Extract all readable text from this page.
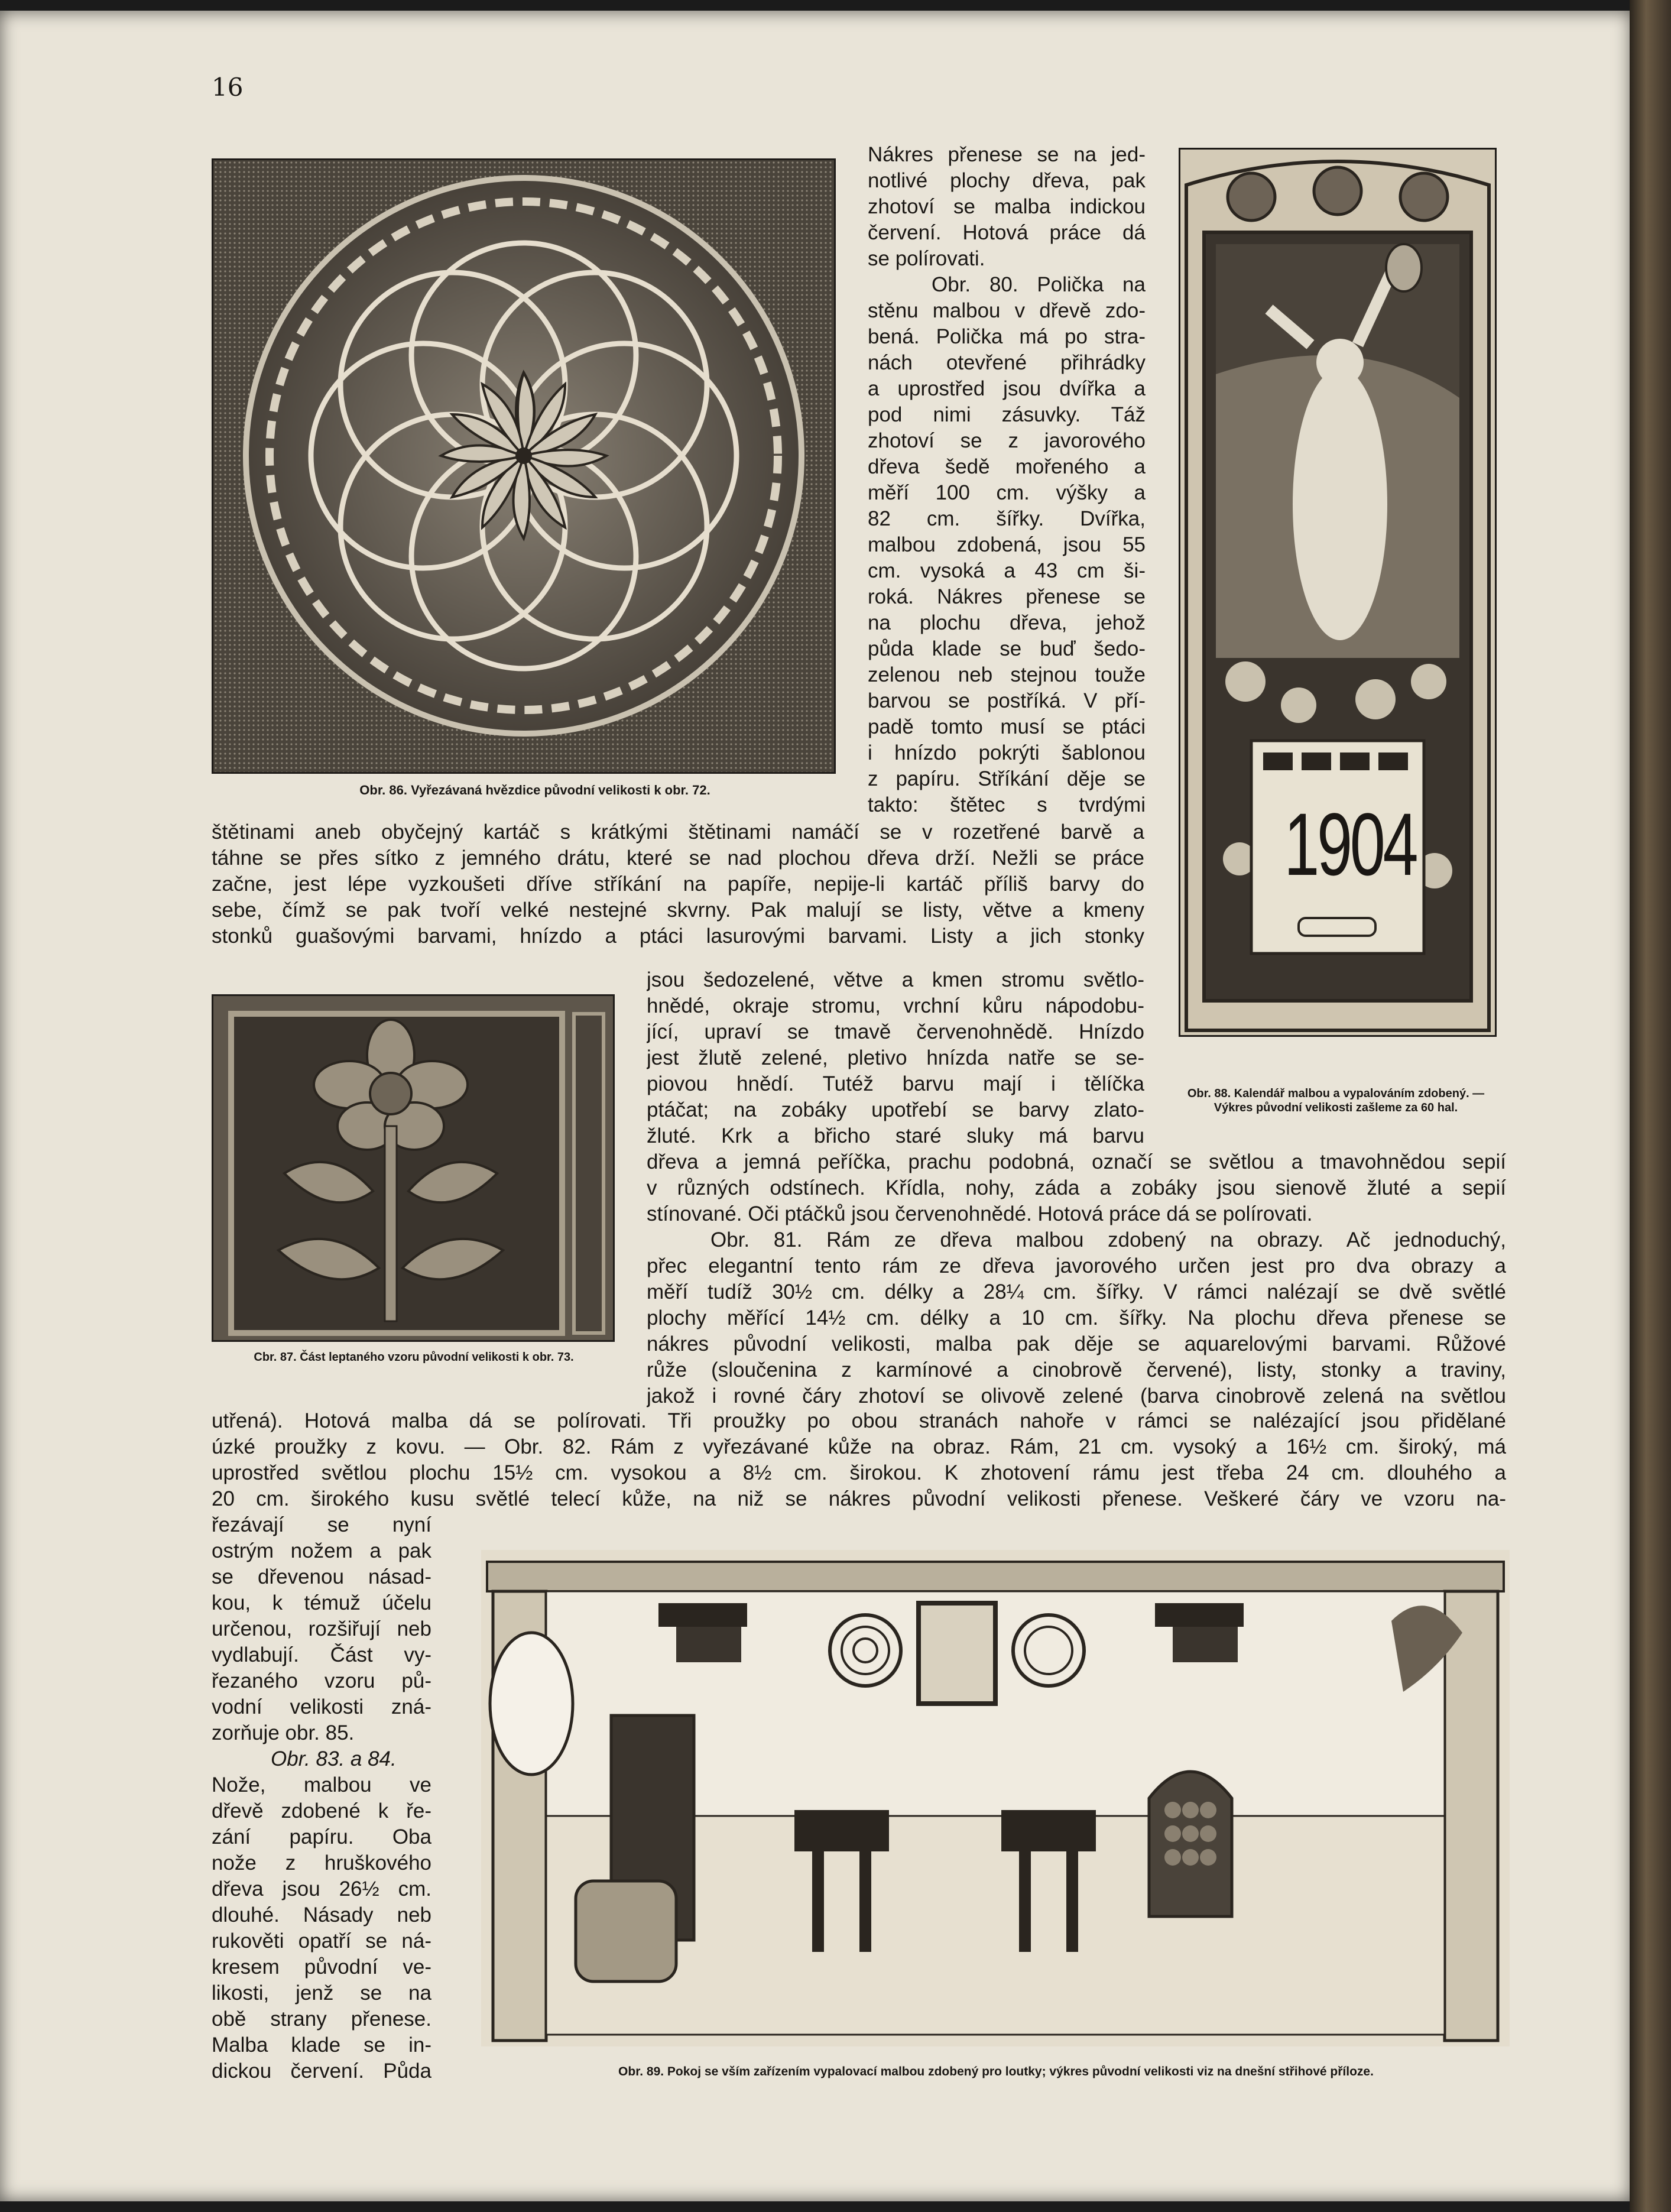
16
Obr. 86. Vyřezávaná hvězdice původní velikosti k obr. 72.
Nákres přenese se na jed-
notlivé plochy dřeva, pak
zhotoví se malba indickou
červení. Hotová práce dá
se polírovati.
Obr. 80. Polička na
stěnu malbou v dřevě zdo-
bená. Polička má po stra-
nách otevřené přihrádky
a uprostřed jsou dvířka a
pod nimi zásuvky. Táž
zhotoví se z javorového
dřeva šedě mořeného a
měří 100 cm. výšky a
82 cm. šířky. Dvířka,
malbou zdobená, jsou 55
cm. vysoká a 43 cm ši-
roká. Nákres přenese se
na plochu dřeva, jehož
půda klade se buď šedo-
zelenou neb stejnou touže
barvou se postříká. V pří-
padě tomto musí se ptáci
i hnízdo pokrýti šablonou
z papíru. Stříkání děje se
takto: štětec s tvrdými 1904
Obr. 88. Kalendář malbou a vypalováním zdobený. — Výkres původní velikosti zašleme za 60 hal.
štětinami aneb obyčejný kartáč s krátkými štětinami namáčí se v rozetřené barvě a
táhne se přes sítko z jemného drátu, které se nad plochou dřeva drží. Nežli se práce
začne, jest lépe vyzkoušeti dříve stříkání na papíře, nepije-li kartáč příliš barvy do
sebe, čímž se pak tvoří velké nestejné skvrny. Pak malují se listy, větve a kmeny
stonků guašovými barvami, hnízdo a ptáci lasurovými barvami. Listy a jich stonky
Cbr. 87. Část leptaného vzoru původní velikosti k obr. 73.
jsou šedozelené, větve a kmen stromu světlo-
hnědé, okraje stromu, vrchní kůru nápodobu-
jící, upraví se tmavě červenohnědě. Hnízdo
jest žlutě zelené, pletivo hnízda natře se se-
piovou hnědí. Tutéž barvu mají i tělíčka
ptáčat; na zobáky upotřebí se barvy zlato-
žluté. Krk a břicho staré sluky má barvu
dřeva a jemná peříčka, prachu podobná, označí se světlou a tmavohnědou sepií
v různých odstínech. Křídla, nohy, záda a zobáky jsou sienově žluté a sepií
stínované. Oči ptáčků jsou červenohnědé. Hotová práce dá se polírovati.
Obr. 81. Rám ze dřeva malbou zdobený na obrazy. Ač jednoduchý,
přec elegantní tento rám ze dřeva javorového určen jest pro dva obrazy a
měří tudíž 30½ cm. délky a 28¼ cm. šířky. V rámci nalézají se dvě světlé
plochy měřící 14½ cm. délky a 10 cm. šířky. Na plochu dřeva přenese se
nákres původní velikosti, malba pak děje se aquarelovými barvami. Růžové
růže (sloučenina z karmínové a cinobrově červené), listy, stonky a traviny,
jakož i rovné čáry zhotoví se olivově zelené (barva cinobrově zelená na světlou
utřená). Hotová malba dá se polírovati. Tři proužky po obou stranách nahoře v rámci se nalézající jsou přidělané
úzké proužky z kovu. — Obr. 82. Rám z vyřezávané kůže na obraz. Rám, 21 cm. vysoký a 16½ cm. široký, má
uprostřed světlou plochu 15½ cm. vysokou a 8½ cm. širokou. K zhotovení rámu jest třeba 24 cm. dlouhého a
20 cm. širokého kusu světlé telecí kůže, na niž se nákres původní velikosti přenese. Veškeré čáry ve vzoru na-
řezávají se nyní
ostrým nožem a pak
se dřevenou násad-
kou, k témuž účelu
určenou, rozšiřují neb
vydlabují. Část vy-
řezaného vzoru pů-
vodní velikosti zná-
zorňuje obr. 85.
Obr. 83. a 84.
Nože, malbou ve
dřevě zdobené k ře-
zání papíru. Oba
nože z hruškového
dřeva jsou 26½ cm.
dlouhé. Násady neb
rukověti opatří se ná-
kresem původní ve-
likosti, jenž se na
obě strany přenese.
Malba klade se in-
dickou červení. Půda	Obr. 89. Pokoj se vším zařízením vypalovací malbou zdobený pro loutky; výkres původní velikosti viz na dnešní střihové příloze.
